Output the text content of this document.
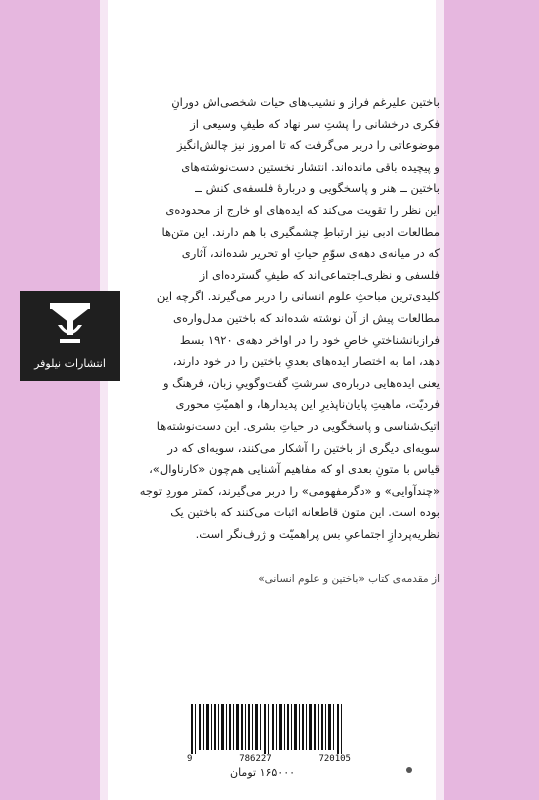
انتشارات نیلوفر
باختین علیرغم فراز و نشیب‌های حیات شخصی‌اش دورانِ
فکری درخشانی را پشتِ سر نهاد که طیفِ وسیعی از
موضوعاتی را دربر می‌گرفت که تا امروز نیز چالش‌انگیز
و پیچیده باقی مانده‌اند. انتشار نخستین دست‌نوشته‌های
باختین ــ هنر و پاسخگویی و دربارهٔ فلسفه‌ی کنش ــ
این نظر را تقویت می‌کند که ایده‌های او خارج از محدوده‌ی
مطالعات ادبی نیز ارتباطِ چشمگیری با هم دارند. این متن‌ها
که در میانه‌ی دهه‌ی سوّمِ حیاتِ او تحریر شده‌اند، آثاری
فلسفی و نظری‌ـ‌اجتماعی‌اند که طیفِ گسترده‌ای از
کلیدی‌ترین مباحثِ علوم انسانی را دربر می‌گیرند. اگرچه این
مطالعات پیش از آن نوشته شده‌اند که باختین مدل‌واره‌ی
فرازبانشناختیِ خاصِ خود را در اواخر دهه‌ی ۱۹۲۰ بسط
دهد، اما به اختصار ایده‌های بعدیِ باختین را در خود دارند،
یعنی ایده‌هایی درباره‌ی سرشتِ گفت‌وگوییِ زبان، فرهنگ و
فردیّت، ماهیتِ پایان‌ناپذیرِ این پدیدارها، و اهمیّتِ محوری
اتیک‌شناسی و پاسخگویی در حیاتِ بشری. این دست‌نوشته‌ها
سویه‌ای دیگری از باختین را آشکار می‌کنند، سویه‌ای که در
قیاس با متونِ بعدی او که مفاهیم آشنایی هم‌چون «کارناوال»،
«چندآوایی» و «دگرمفهومی» را دربر می‌گیرند، کمتر موردِ توجه
بوده است. این متون قاطعانه اثبات می‌کنند که باختین یک
نظریه‌پردازِ اجتماعیِ بس پراهمیّت و ژرف‌نگر است.
از مقدمه‌ی کتاب «باختین و علوم انسانی»
9	786227	720105
۱۶۵۰۰۰ تومان
